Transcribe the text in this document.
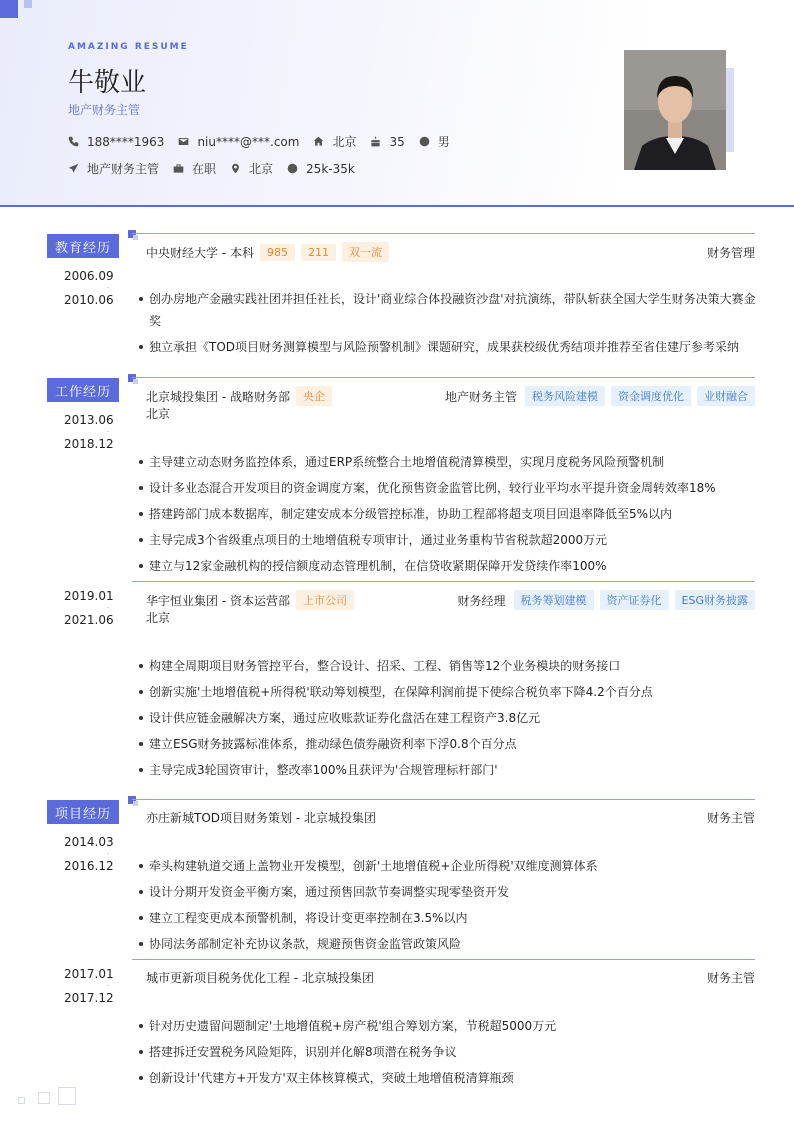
AMAZING RESUME
牛敬业
地产财务主管
188****1963	niu****@***.com	北京	35	男
地产财务主管	在职	北京	25k-35k
教育经历	中央财经大学 - 本科	985	211	双一流	财务管理
2006.09
-
2010.06	创办房地产金融实践社团并担任社长，设计'商业综合体投融资沙盘'对抗演练，带队斩获全国大学生财务决策大赛金奖
独立承担《TOD项目财务测算模型与风险预警机制》课题研究，成果获校级优秀结项并推荐至省住建厅参考采纳
工作经历	北京城投集团 - 战略财务部	央企	地产财务主管	税务风险建模	资金调度优化	业财融合
北京
2013.06
-
2018.12
主导建立动态财务监控体系，通过ERP系统整合土地增值税清算模型，实现月度税务风险预警机制
设计多业态混合开发项目的资金调度方案，优化预售资金监管比例，较行业平均水平提升资金周转效率18%
搭建跨部门成本数据库，制定建安成本分级管控标准，协助工程部将超支项目回退率降低至5%以内
主导完成3个省级重点项目的土地增值税专项审计，通过业务重构节省税款超2000万元
建立与12家金融机构的授信额度动态管理机制，在信贷收紧期保障开发贷续作率100%
华宇恒业集团 - 资本运营部	上市公司	财务经理	税务筹划建模	资产证券化	ESG财务披露
北京
2019.01
-
2021.06
构建全周期项目财务管控平台，整合设计、招采、工程、销售等12个业务模块的财务接口
创新实施'土地增值税+所得税'联动筹划模型，在保障利润前提下使综合税负率下降4.2个百分点
设计供应链金融解决方案，通过应收账款证券化盘活在建工程资产3.8亿元
建立ESG财务披露标准体系，推动绿色债券融资利率下浮0.8个百分点
主导完成3轮国资审计，整改率100%且获评为'合规管理标杆部门'
项目经历	亦庄新城TOD项目财务策划 - 北京城投集团	财务主管
2014.03
-
2016.12	牵头构建轨道交通上盖物业开发模型，创新'土地增值税+企业所得税'双维度测算体系
设计分期开发资金平衡方案，通过预售回款节奏调整实现零垫资开发
建立工程变更成本预警机制，将设计变更率控制在3.5%以内
协同法务部制定补充协议条款，规避预售资金监管政策风险
城市更新项目税务优化工程 - 北京城投集团	财务主管
2017.01
-
2017.12
针对历史遗留问题制定'土地增值税+房产税'组合筹划方案，节税超5000万元
搭建拆迁安置税务风险矩阵，识别并化解8项潜在税务争议
创新设计'代建方+开发方'双主体核算模式，突破土地增值税清算瓶颈
